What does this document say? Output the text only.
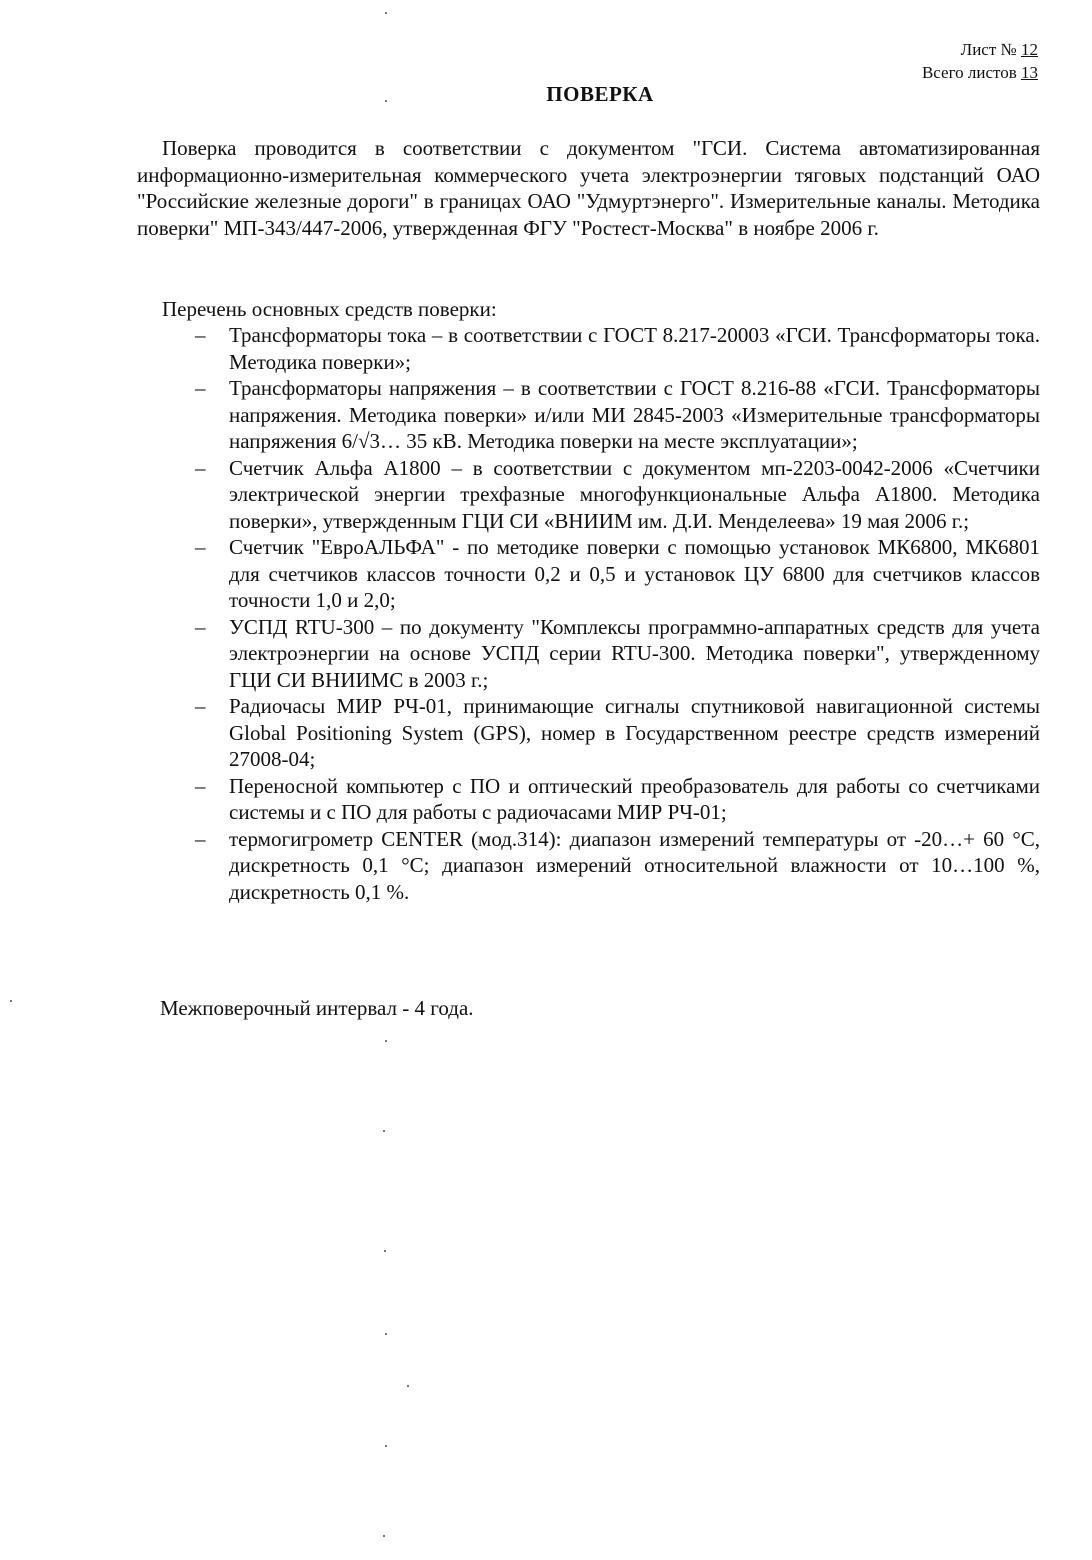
Лист № 12
Всего листов 13
ПОВЕРКА

Поверка проводится в соответствии с документом "ГСИ. Система автоматизированная информационно-измерительная коммерческого учета электроэнергии тяговых подстанций ОАО "Российские железные дороги" в границах ОАО "Удмуртэнерго". Измерительные каналы. Методика поверки" МП-343/447-2006, утвержденная ФГУ "Ростест-Москва" в ноябре 2006 г.

Перечень основных средств поверки:
– Трансформаторы тока – в соответствии с ГОСТ 8.217-20003 «ГСИ. Трансформаторы тока. Методика поверки»;
– Трансформаторы напряжения – в соответствии с ГОСТ 8.216-88 «ГСИ. Трансформаторы напряжения. Методика поверки» и/или МИ 2845-2003 «Измерительные трансформаторы напряжения 6/√3… 35 кВ. Методика поверки на месте эксплуатации»;
– Счетчик Альфа А1800 – в соответствии с документом мп-2203-0042-2006 «Счетчики электрической энергии трехфазные многофункциональные Альфа А1800. Методика поверки», утвержденным ГЦИ СИ «ВНИИМ им. Д.И. Менделеева» 19 мая 2006 г.;
– Счетчик "ЕвроАЛЬФА" - по методике поверки с помощью установок МК6800, МК6801 для счетчиков классов точности 0,2 и 0,5 и установок ЦУ 6800 для счетчиков классов точности 1,0 и 2,0;
– УСПД RTU-300 – по документу "Комплексы программно-аппаратных средств для учета электроэнергии на основе УСПД серии RTU-300. Методика поверки", утвержденному ГЦИ СИ ВНИИМС в 2003 г.;
– Радиочасы МИР РЧ-01, принимающие сигналы спутниковой навигационной системы Global Positioning System (GPS), номер в Государственном реестре средств измерений 27008-04;
– Переносной компьютер с ПО и оптический преобразователь для работы со счетчиками системы и с ПО для работы с радиочасами МИР РЧ-01;
– термогигрометр CENTER (мод.314): диапазон измерений температуры от -20…+ 60 °С, дискретность 0,1 °С; диапазон измерений относительной влажности от 10…100 %, дискретность 0,1 %.
Межповерочный интервал - 4 года.
